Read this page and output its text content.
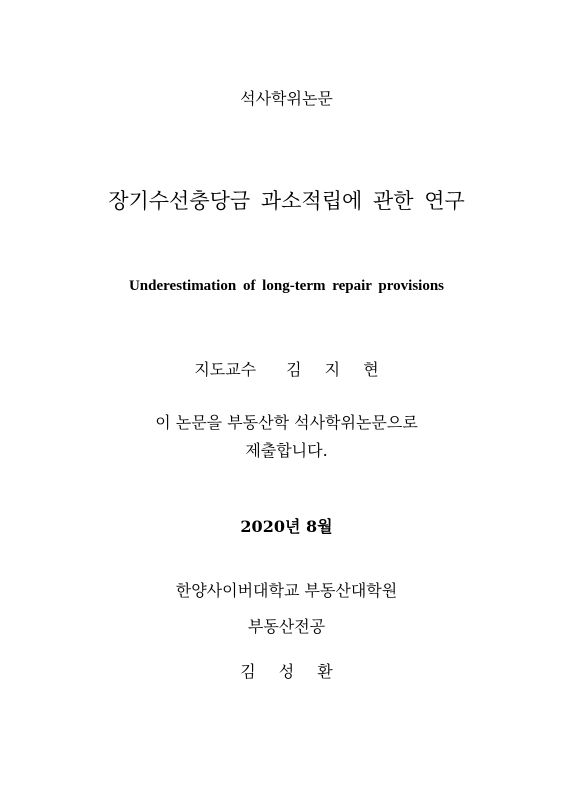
석사학위논문
장기수선충당금 과소적립에 관한 연구
Underestimation of long-term repair provisions
지도교수 김 지 현
이 논문을 부동산학 석사학위논문으로
제출합니다.
2020년 8월
한양사이버대학교 부동산대학원
부동산전공
김 성 환
